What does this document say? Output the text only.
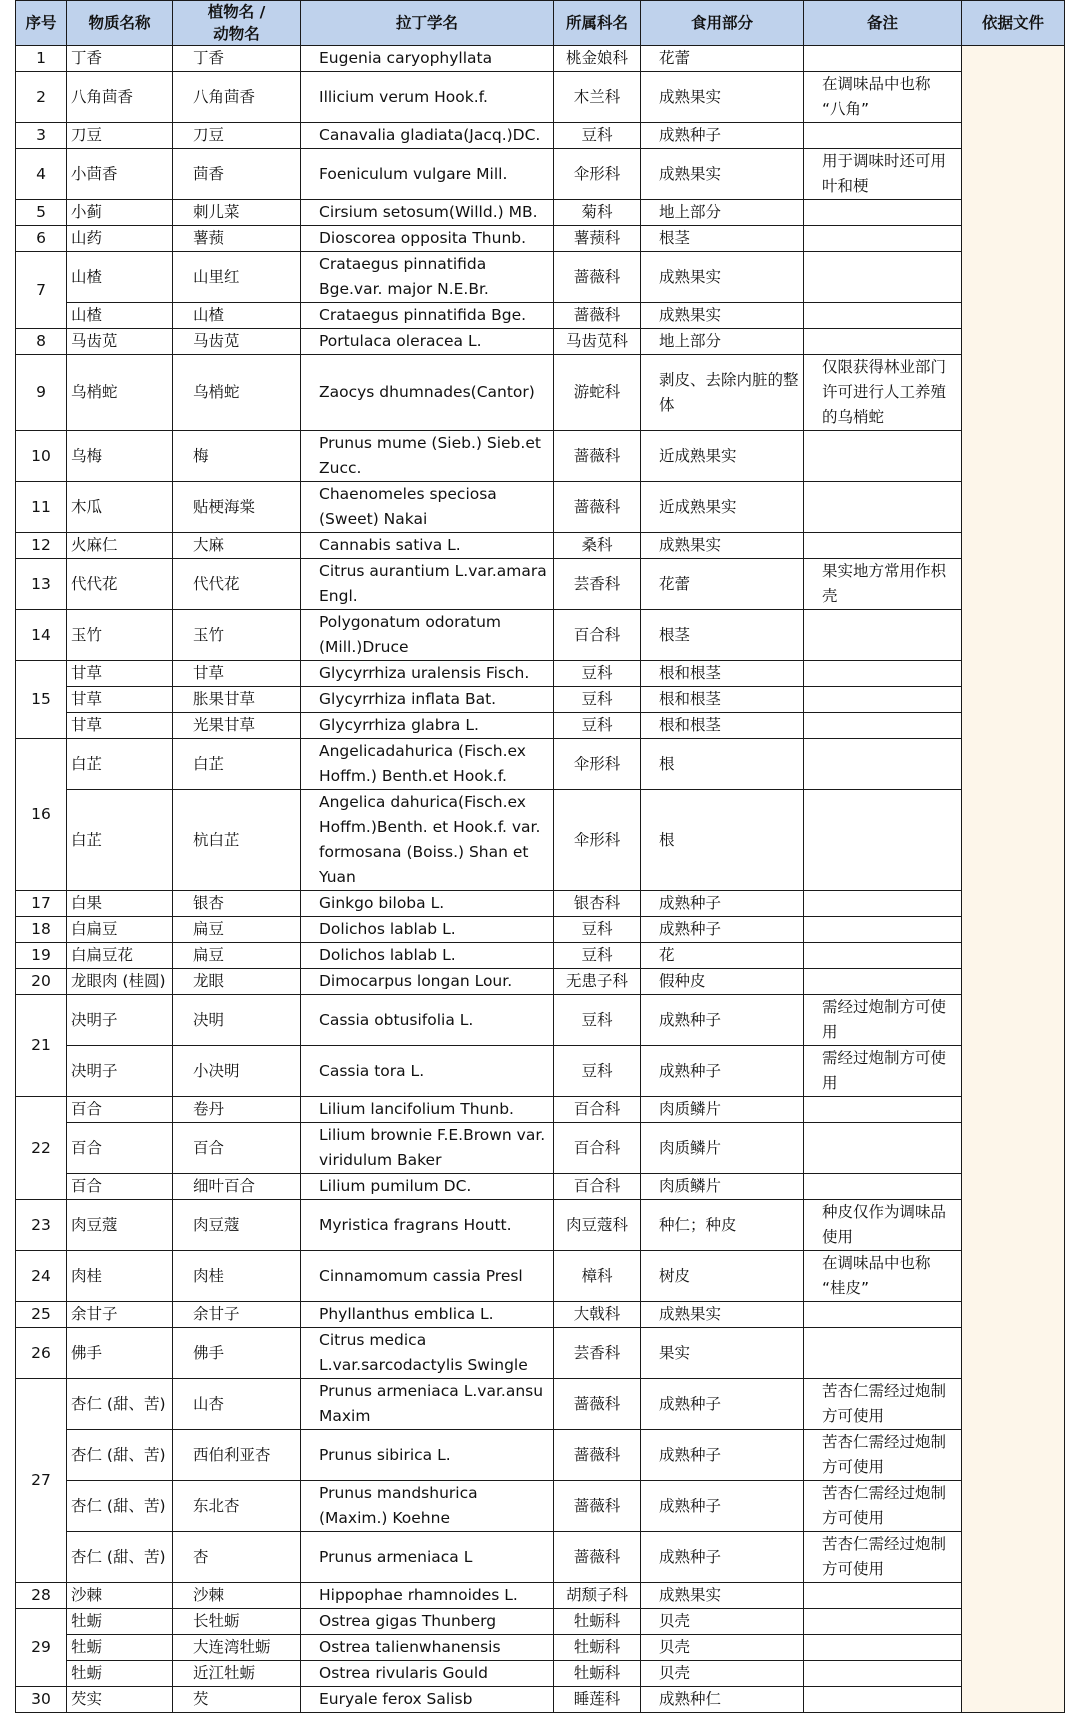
序号	物质名称	植物名 /
动物名	拉丁学名	所属科名	食用部分	备注	依据文件
1	丁香	丁香	Eugenia caryophyllata	桃金娘科	花蕾		
2	八角茴香	八角茴香	Illicium verum Hook.f.	木兰科	成熟果实	在调味品中也称 “八角”	
3	刀豆	刀豆	Canavalia gladiata(Jacq.)DC.	豆科	成熟种子		
4	小茴香	茴香	Foeniculum vulgare Mill.	伞形科	成熟果实	用于调味时还可用叶和梗	
5	小蓟	刺儿菜	Cirsium setosum(Willd.) MB.	菊科	地上部分		
6	山药	薯蓣	Dioscorea opposita Thunb.	薯蓣科	根茎		
7	山楂	山里红	Crataegus pinnatifida Bge.var. major N.E.Br.	蔷薇科	成熟果实		
	山楂	山楂	Crataegus pinnatifida Bge.	蔷薇科	成熟果实		
8	马齿苋	马齿苋	Portulaca oleracea L.	马齿苋科	地上部分		
9	乌梢蛇	乌梢蛇	Zaocys dhumnades(Cantor)	游蛇科	剥皮、去除内脏的整体	仅限获得林业部门许可进行人工养殖的乌梢蛇	
10	乌梅	梅	Prunus mume (Sieb.) Sieb.et Zucc.	蔷薇科	近成熟果实		
11	木瓜	贴梗海棠	Chaenomeles speciosa (Sweet) Nakai	蔷薇科	近成熟果实		
12	火麻仁	大麻	Cannabis sativa L.	桑科	成熟果实		
13	代代花	代代花	Citrus aurantium L.var.amara Engl.	芸香科	花蕾	果实地方常用作枳壳	
14	玉竹	玉竹	Polygonatum odoratum (Mill.)Druce	百合科	根茎		
15	甘草	甘草	Glycyrrhiza uralensis Fisch.	豆科	根和根茎		
	甘草	胀果甘草	Glycyrrhiza inflata Bat.	豆科	根和根茎		
	甘草	光果甘草	Glycyrrhiza glabra L.	豆科	根和根茎		
16	白芷	白芷	Angelicadahurica (Fisch.ex Hoffm.) Benth.et Hook.f.	伞形科	根		
	白芷	杭白芷	Angelica dahurica(Fisch.ex Hoffm.)Benth. et Hook.f. var. formosana (Boiss.) Shan et Yuan	伞形科	根		
17	白果	银杏	Ginkgo biloba L.	银杏科	成熟种子		
18	白扁豆	扁豆	Dolichos lablab L.	豆科	成熟种子		
19	白扁豆花	扁豆	Dolichos lablab L.	豆科	花		
20	龙眼肉 (桂圆)	龙眼	Dimocarpus longan Lour.	无患子科	假种皮		
21	决明子	决明	Cassia obtusifolia L.	豆科	成熟种子	需经过炮制方可使用	
	决明子	小决明	Cassia tora L.	豆科	成熟种子	需经过炮制方可使用	
22	百合	卷丹	Lilium lancifolium Thunb.	百合科	肉质鳞片		
	百合	百合	Lilium brownie F.E.Brown var. viridulum Baker	百合科	肉质鳞片		
	百合	细叶百合	Lilium pumilum DC.	百合科	肉质鳞片		
23	肉豆蔻	肉豆蔻	Myristica fragrans Houtt.	肉豆蔻科	种仁；种皮	种皮仅作为调味品使用	
24	肉桂	肉桂	Cinnamomum cassia Presl	樟科	树皮	在调味品中也称 “桂皮”	
25	余甘子	余甘子	Phyllanthus emblica L.	大戟科	成熟果实		
26	佛手	佛手	Citrus medica L.var.sarcodactylis Swingle	芸香科	果实		
27	杏仁 (甜、苦)	山杏	Prunus armeniaca L.var.ansu Maxim	蔷薇科	成熟种子	苦杏仁需经过炮制方可使用	
	杏仁 (甜、苦)	西伯利亚杏	Prunus sibirica L.	蔷薇科	成熟种子	苦杏仁需经过炮制方可使用	
	杏仁 (甜、苦)	东北杏	Prunus mandshurica (Maxim.) Koehne	蔷薇科	成熟种子	苦杏仁需经过炮制方可使用	
	杏仁 (甜、苦)	杏	Prunus armeniaca L	蔷薇科	成熟种子	苦杏仁需经过炮制方可使用	
28	沙棘	沙棘	Hippophae rhamnoides L.	胡颓子科	成熟果实		
29	牡蛎	长牡蛎	Ostrea gigas Thunberg	牡蛎科	贝壳		
	牡蛎	大连湾牡蛎	Ostrea talienwhanensis	牡蛎科	贝壳		
	牡蛎	近江牡蛎	Ostrea rivularis Gould	牡蛎科	贝壳		
30	芡实	芡	Euryale ferox Salisb	睡莲科	成熟种仁		
